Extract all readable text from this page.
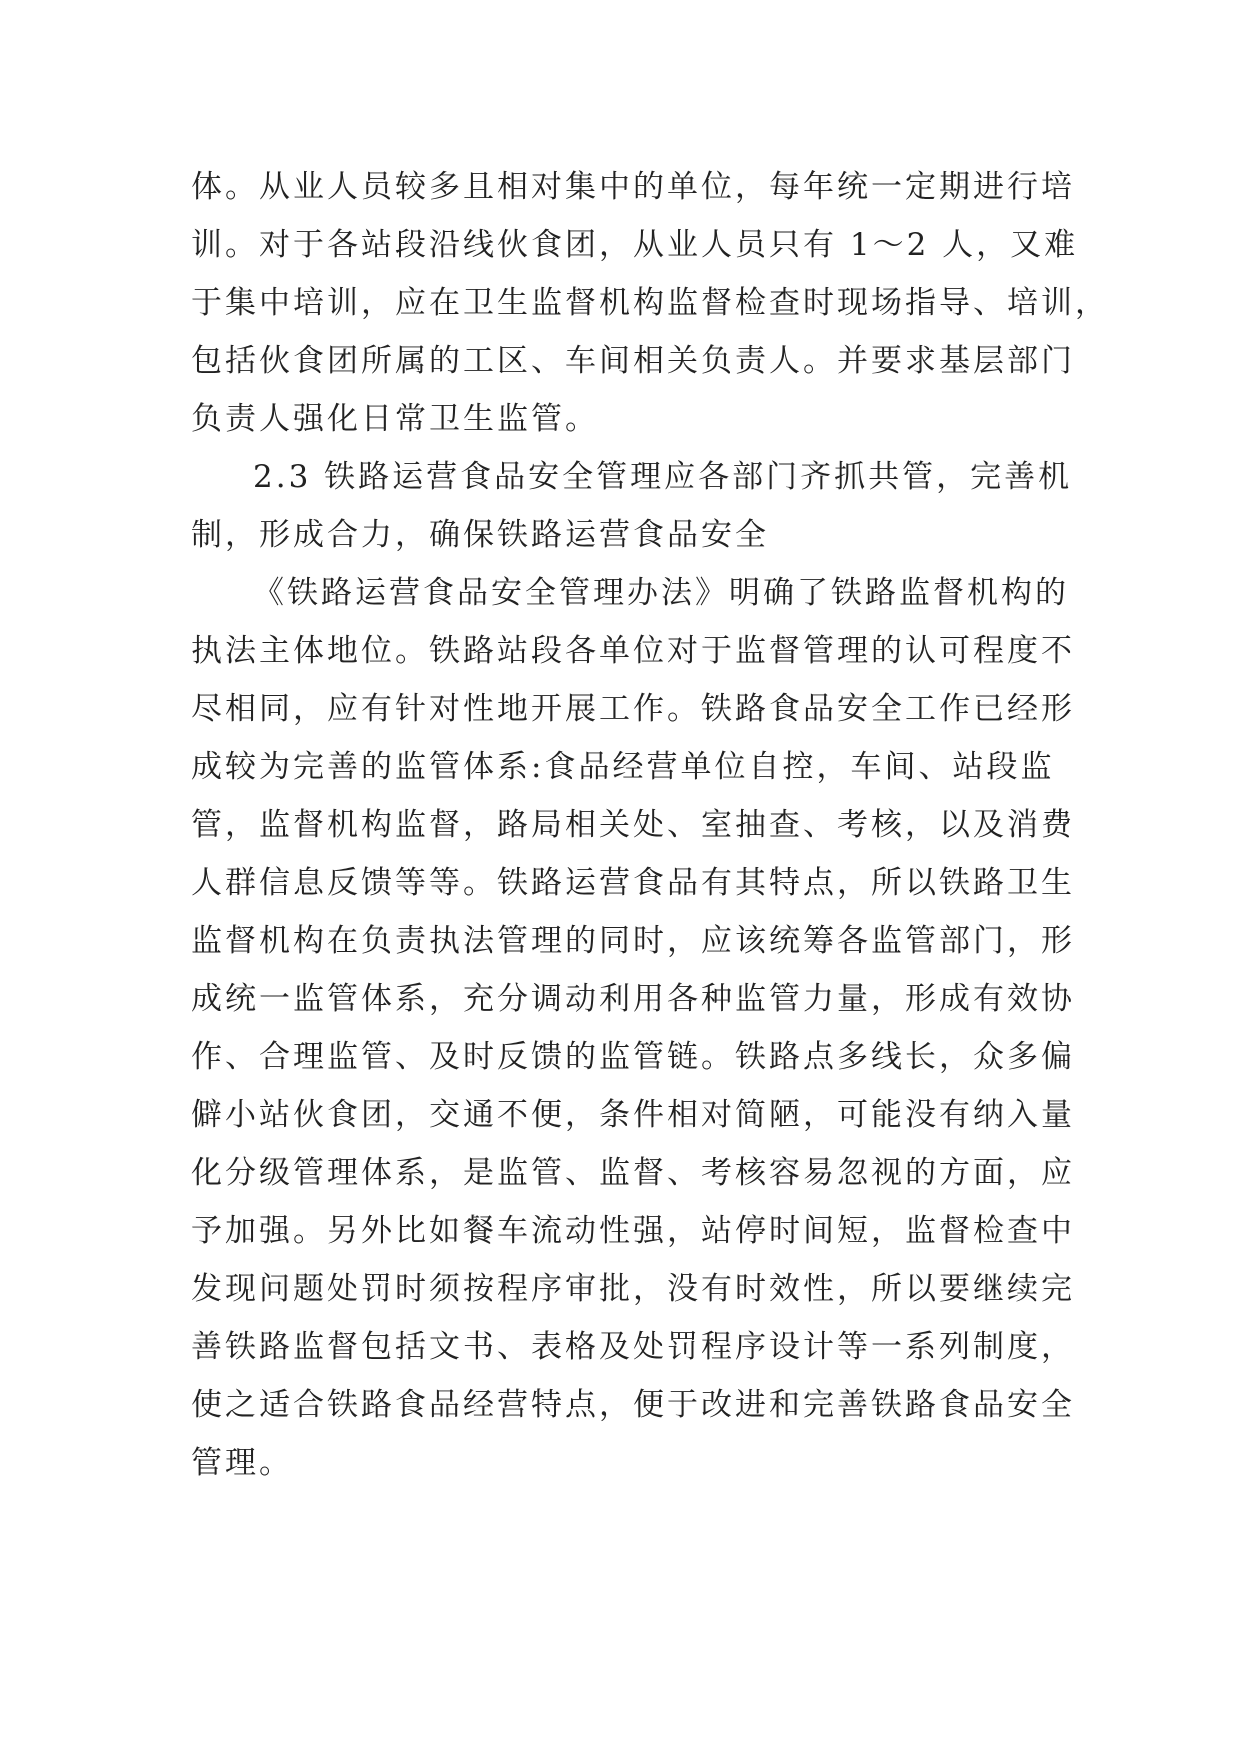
体。从业人员较多且相对集中的单位，每年统一定期进行培
训。对于各站段沿线伙食团，从业人员只有 1～2 人，又难
于集中培训，应在卫生监督机构监督检查时现场指导、培训，
包括伙食团所属的工区、车间相关负责人。并要求基层部门
负责人强化日常卫生监管。
2.3 铁路运营食品安全管理应各部门齐抓共管，完善机
制，形成合力，确保铁路运营食品安全
《铁路运营食品安全管理办法》明确了铁路监督机构的
执法主体地位。铁路站段各单位对于监督管理的认可程度不
尽相同，应有针对性地开展工作。铁路食品安全工作已经形
成较为完善的监管体系:食品经营单位自控，车间、站段监
管，监督机构监督，路局相关处、室抽查、考核，以及消费
人群信息反馈等等。铁路运营食品有其特点，所以铁路卫生
监督机构在负责执法管理的同时，应该统筹各监管部门，形
成统一监管体系，充分调动利用各种监管力量，形成有效协
作、合理监管、及时反馈的监管链。铁路点多线长，众多偏
僻小站伙食团，交通不便，条件相对简陋，可能没有纳入量
化分级管理体系，是监管、监督、考核容易忽视的方面，应
予加强。另外比如餐车流动性强，站停时间短，监督检查中
发现问题处罚时须按程序审批，没有时效性，所以要继续完
善铁路监督包括文书、表格及处罚程序设计等一系列制度，
使之适合铁路食品经营特点，便于改进和完善铁路食品安全
管理。
